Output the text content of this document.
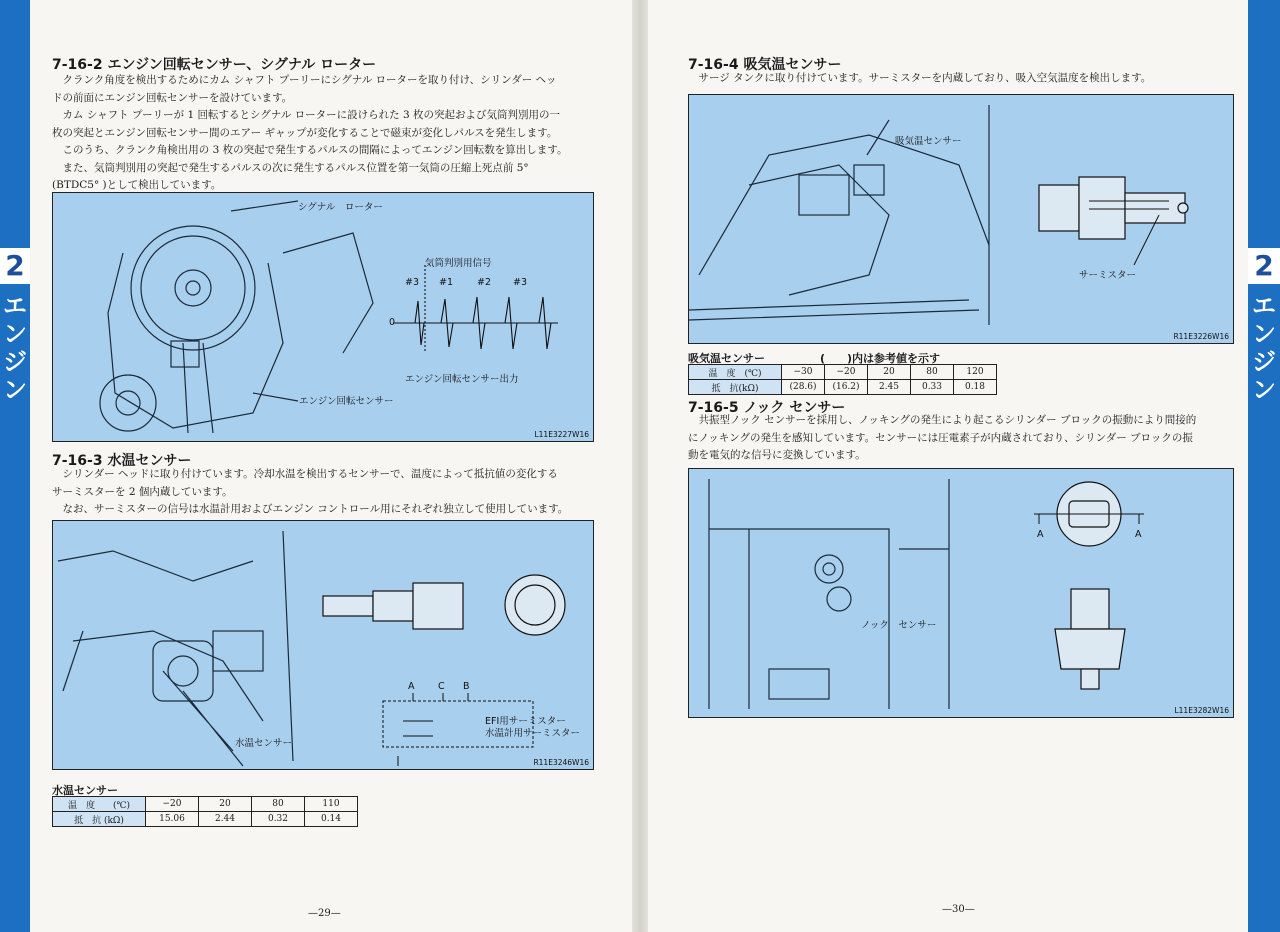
2
エ
ン
ジ
ン
7-16-2 エンジン回転センサー、シグナル ローター
　クランク角度を検出するためにカム シャフト プーリーにシグナル ローターを取り付け、シリンダー ヘッ
ドの前面にエンジン回転センサーを設けています。
　カム シャフト プーリーが 1 回転するとシグナル ローターに設けられた 3 枚の突起および気筒判別用の一
枚の突起とエンジン回転センサー間のエアー ギャップが変化することで磁束が変化しパルスを発生します。
　このうち、クランク角検出用の 3 枚の突起で発生するパルスの間隔によってエンジン回転数を算出します。
　また、気筒判別用の突起で発生するパルスの次に発生するパルス位置を第一気筒の圧縮上死点前 5°
(BTDC5° )として検出しています。
シグナル　ローター
気筒判別用信号
#3 #1	#2 #3
0
エンジン回転センサー出力
エンジン回転センサー
L11E3227W16
7-16-3 水温センサー
　シリンダー ヘッドに取り付けています。冷却水温を検出するセンサーで、温度によって抵抗値の変化する
サーミスターを 2 個内蔵しています。
　なお、サーミスターの信号は水温計用およびエンジン コントロール用にそれぞれ独立して使用しています。
A C B
EFI用サーミスター
水温計用サーミスター
水温センサー
R11E3246W16
水温センサー
温　度　　(℃)	−20	20	80	110
抵　抗 (kΩ)	15.06	2.44	0.32	0.14
—29—
7-16-4 吸気温センサー
　サージ タンクに取り付けています。サーミスターを内蔵しており、吸入空気温度を検出します。
吸気温センサー
サーミスター
R11E3226W16
吸気温センサー	(　　)内は参考値を示す
温　度　(℃)	−30	−20	20	80	120
抵　抗(kΩ)	(28.6)	(16.2)	2.45	0.33	0.18
7-16-5 ノック センサー
　共振型ノック センサーを採用し、ノッキングの発生により起こるシリンダー ブロックの振動により間接的
にノッキングの発生を感知しています。センサーには圧電素子が内蔵されており、シリンダー ブロックの振
動を電気的な信号に変換しています。
A	A
ノック　センサー
L11E3282W16
—30—
2
エ
ン
ジ
ン
